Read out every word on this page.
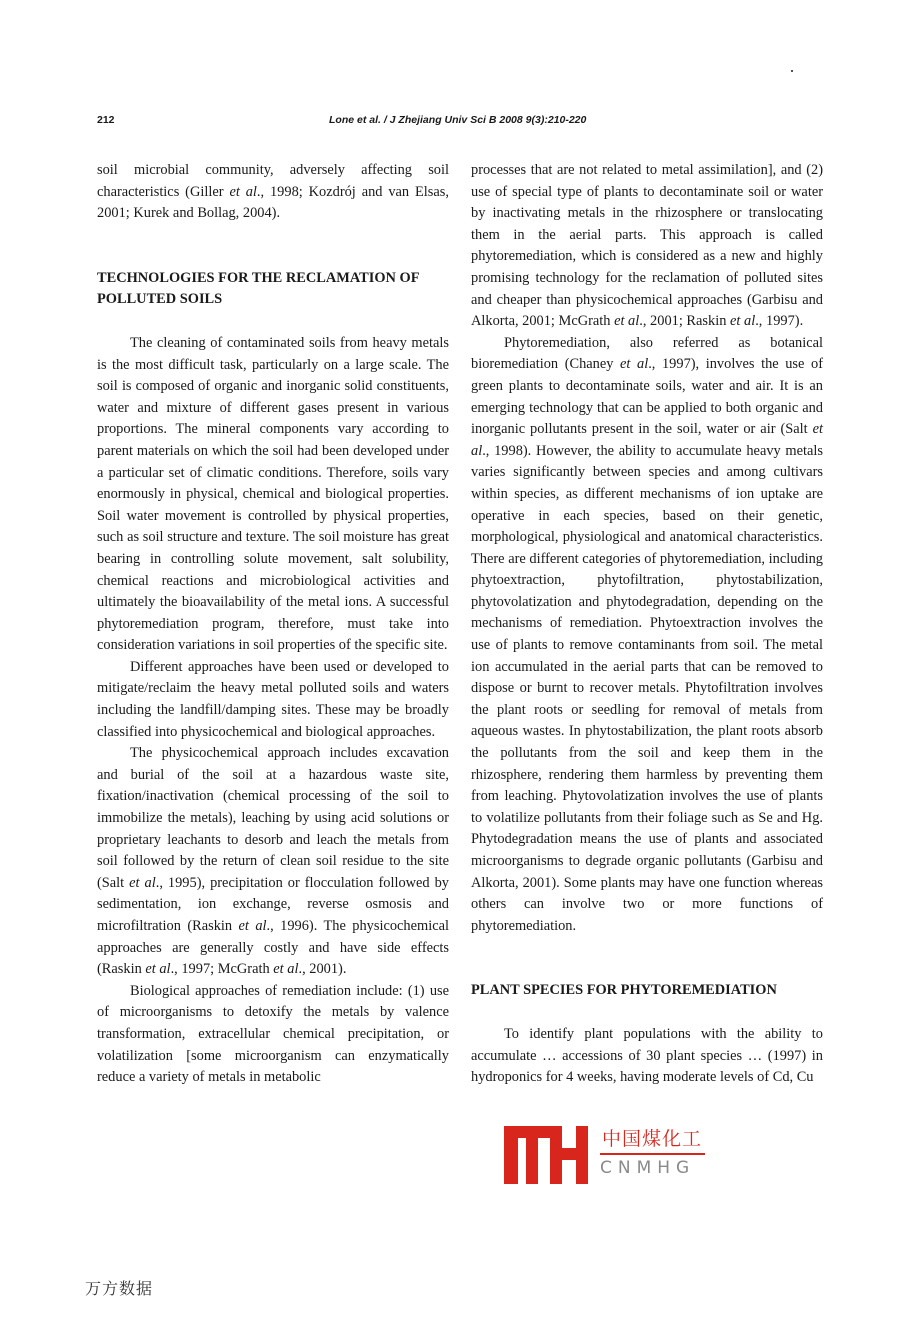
212	Lone et al. / J Zhejiang Univ Sci B 2008 9(3):210-220

soil microbial community, adversely affecting soil characteristics (Giller et al., 1998; Kozdrój and van Elsas, 2001; Kurek and Bollag, 2004).

TECHNOLOGIES FOR THE RECLAMATION OF POLLUTED SOILS

The cleaning of contaminated soils from heavy metals is the most difficult task, particularly on a large scale. The soil is composed of organic and inorganic solid constituents, water and mixture of different gases present in various proportions. The mineral components vary according to parent materials on which the soil had been developed under a particular set of climatic conditions. Therefore, soils vary enormously in physical, chemical and biological properties. Soil water movement is controlled by physical properties, such as soil structure and texture. The soil moisture has great bearing in controlling solute movement, salt solubility, chemical reactions and microbiological activities and ultimately the bioavailability of the metal ions. A successful phytoremediation program, therefore, must take into consideration variations in soil properties of the specific site.

Different approaches have been used or developed to mitigate/reclaim the heavy metal polluted soils and waters including the landfill/damping sites. These may be broadly classified into physicochemical and biological approaches.

The physicochemical approach includes excavation and burial of the soil at a hazardous waste site, fixation/inactivation (chemical processing of the soil to immobilize the metals), leaching by using acid solutions or proprietary leachants to desorb and leach the metals from soil followed by the return of clean soil residue to the site (Salt et al., 1995), precipitation or flocculation followed by sedimentation, ion exchange, reverse osmosis and microfiltration (Raskin et al., 1996). The physicochemical approaches are generally costly and have side effects (Raskin et al., 1997; McGrath et al., 2001).

Biological approaches of remediation include: (1) use of microorganisms to detoxify the metals by valence transformation, extracellular chemical precipitation, or volatilization [some microorganism can enzymatically reduce a variety of metals in metabolic

processes that are not related to metal assimilation], and (2) use of special type of plants to decontaminate soil or water by inactivating metals in the rhizosphere or translocating them in the aerial parts. This approach is called phytoremediation, which is considered as a new and highly promising technology for the reclamation of polluted sites and cheaper than physicochemical approaches (Garbisu and Alkorta, 2001; McGrath et al., 2001; Raskin et al., 1997).

Phytoremediation, also referred as botanical bioremediation (Chaney et al., 1997), involves the use of green plants to decontaminate soils, water and air. It is an emerging technology that can be applied to both organic and inorganic pollutants present in the soil, water or air (Salt et al., 1998). However, the ability to accumulate heavy metals varies significantly between species and among cultivars within species, as different mechanisms of ion uptake are operative in each species, based on their genetic, morphological, physiological and anatomical characteristics. There are different categories of phytoremediation, including phytoextraction, phytofiltration, phytostabilization, phytovolatization and phytodegradation, depending on the mechanisms of remediation. Phytoextraction involves the use of plants to remove contaminants from soil. The metal ion accumulated in the aerial parts that can be removed to dispose or burnt to recover metals. Phytofiltration involves the plant roots or seedling for removal of metals from aqueous wastes. In phytostabilization, the plant roots absorb the pollutants from the soil and keep them in the rhizosphere, rendering them harmless by preventing them from leaching. Phytovolatization involves the use of plants to volatilize pollutants from their foliage such as Se and Hg. Phytodegradation means the use of plants and associated microorganisms to degrade organic pollutants (Garbisu and Alkorta, 2001). Some plants may have one function whereas others can involve two or more functions of phytoremediation.

PLANT SPECIES FOR PHYTOREMEDIATION

To identify plant populations with the ability to accumulate … accessions of 30 plant species … (1997) in hydroponics for 4 weeks, having moderate levels of Cd, Cu

中国煤化工
CNMHG
万方数据
